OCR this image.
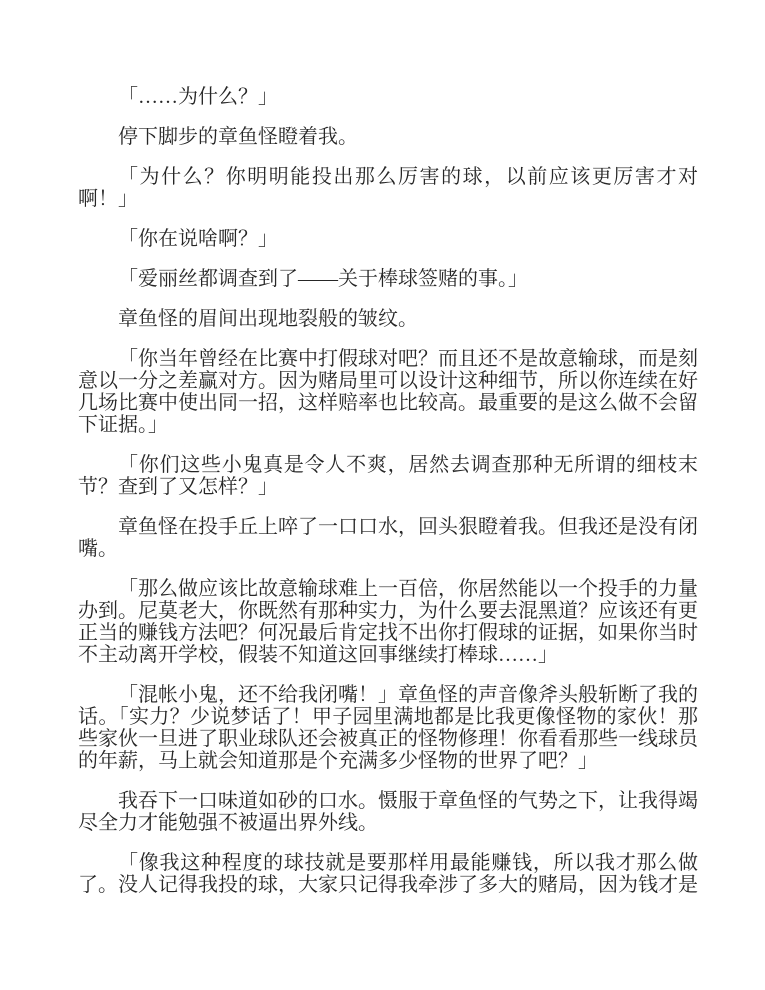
「……为什么？」

停下脚步的章鱼怪瞪着我。

「为什么？你明明能投出那么厉害的球，以前应该更厉害才对啊！」

「你在说啥啊？」

「爱丽丝都调查到了——关于棒球签赌的事。」

章鱼怪的眉间出现地裂般的皱纹。

「你当年曾经在比赛中打假球对吧？而且还不是故意输球，而是刻意以一分之差赢对方。因为赌局里可以设计这种细节，所以你连续在好几场比赛中使出同一招，这样赔率也比较高。最重要的是这么做不会留下证据。」

「你们这些小鬼真是令人不爽，居然去调查那种无所谓的细枝末节？查到了又怎样？」

章鱼怪在投手丘上啐了一口口水，回头狠瞪着我。但我还是没有闭嘴。

「那么做应该比故意输球难上一百倍，你居然能以一个投手的力量办到。尼莫老大，你既然有那种实力，为什么要去混黑道？应该还有更正当的赚钱方法吧？何况最后肯定找不出你打假球的证据，如果你当时不主动离开学校，假装不知道这回事继续打棒球……」

「混帐小鬼，还不给我闭嘴！」章鱼怪的声音像斧头般斩断了我的话。「实力？少说梦话了！甲子园里满地都是比我更像怪物的家伙！那些家伙一旦进了职业球队还会被真正的怪物修理！你看看那些一线球员的年薪，马上就会知道那是个充满多少怪物的世界了吧？」

我吞下一口味道如砂的口水。慑服于章鱼怪的气势之下，让我得竭尽全力才能勉强不被逼出界外线。

「像我这种程度的球技就是要那样用最能赚钱，所以我才那么做了。没人记得我投的球，大家只记得我牵涉了多大的赌局，因为钱才是
